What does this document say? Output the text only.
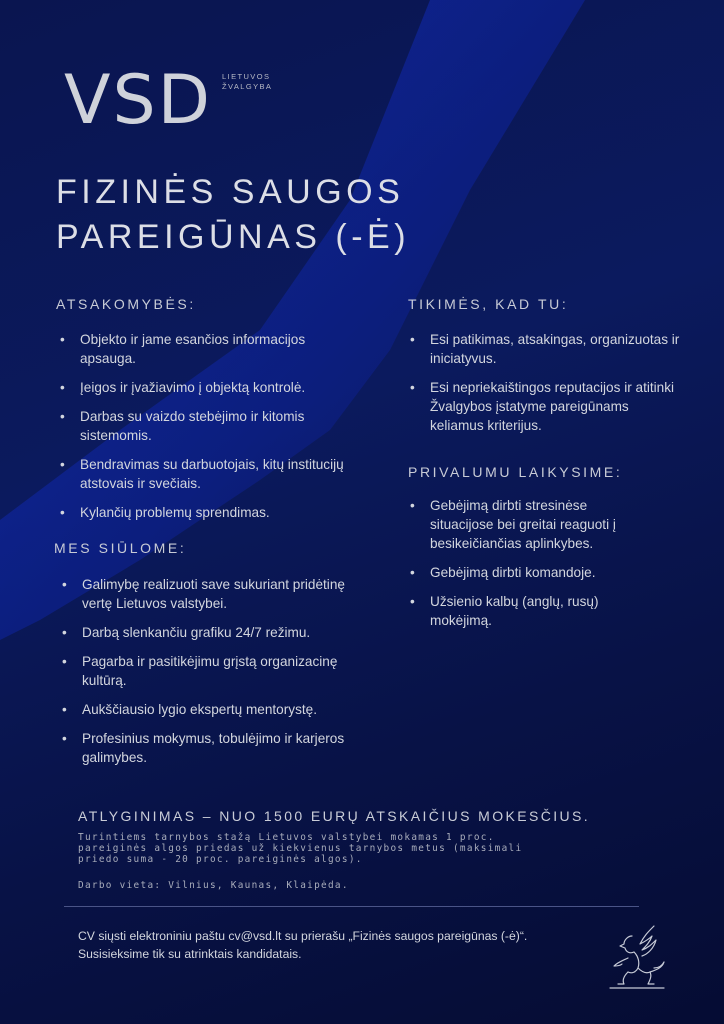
VSD LIETUVOS
ŽVALGYBA
FIZINĖS SAUGOS
PAREIGŪNAS (-Ė)
ATSAKOMYBĖS:
• Objekto ir jame esančios informacijos apsauga.
• Įeigos ir įvažiavimo į objektą kontrolė.
• Darbas su vaizdo stebėjimo ir kitomis sistemomis.
• Bendravimas su darbuotojais, kitų institucijų atstovais ir svečiais.
• Kylančių problemų sprendimas.
MES SIŪLOME:
• Galimybę realizuoti save sukuriant pridėtinę vertę Lietuvos valstybei.
• Darbą slenkančiu grafiku 24/7 režimu.
• Pagarba ir pasitikėjimu grįstą organizacinę kultūrą.
• Aukščiausio lygio ekspertų mentorystę.
• Profesinius mokymus, tobulėjimo ir karjeros galimybes.
TIKIMĖS, KAD TU:
• Esi patikimas, atsakingas, organizuotas ir iniciatyvus.
• Esi nepriekaištingos reputacijos ir atitinki Žvalgybos įstatyme pareigūnams keliamus kriterijus.
PRIVALUMU LAIKYSIME:
• Gebėjimą dirbti stresinėse situacijose bei greitai reaguoti į besikeičiančias aplinkybes.
• Gebėjimą dirbti komandoje.
• Užsienio kalbų (anglų, rusų) mokėjimą.
ATLYGINIMAS – NUO 1500 EURŲ ATSKAIČIUS MOKESČIUS.
Turintiems tarnybos stažą Lietuvos valstybei mokamas 1 proc. pareiginės algos priedas už kiekvienus tarnybos metus (maksimali priedo suma - 20 proc. pareiginės algos).
Darbo vieta: Vilnius, Kaunas, Klaipėda.

CV siųsti elektroniniu paštu cv@vsd.lt su prierašu „Fizinės saugos pareigūnas (-ė)“.

Susisieksime tik su atrinktais kandidatais.
